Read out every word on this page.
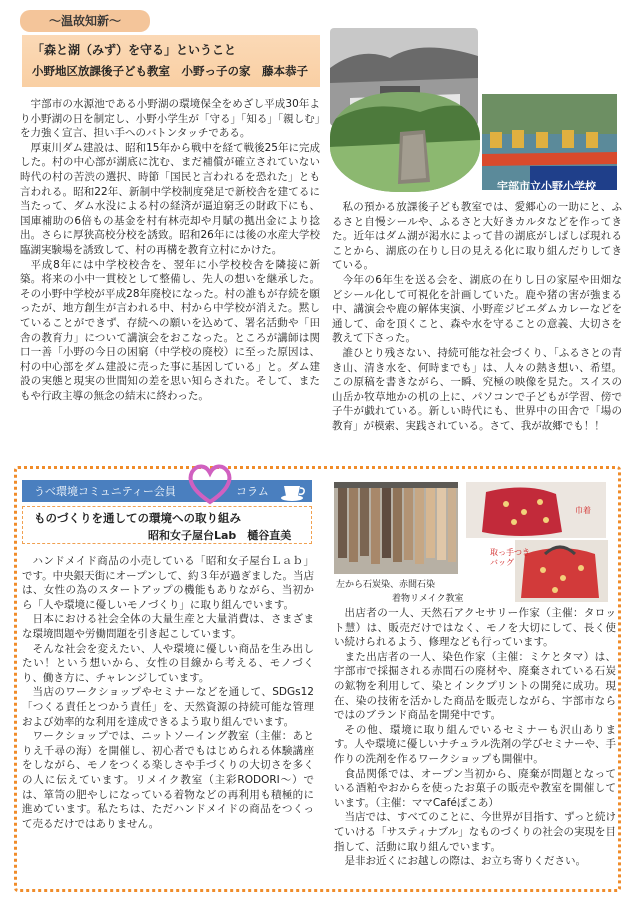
～温故知新～
「森と湖（みず）を守る」ということ
小野地区放課後子ども教室　小野っ子の家　藤本恭子
宇部市立小野小学校

宇部市の水源池である小野湖の環境保全をめざし平成30年より小野湖の日を制定し、小野小学生が「守る」「知る」「親しむ」を力強く宣言、担い手へのバトンタッチである。

厚東川ダム建設は、昭和15年から戦中を経て戦後25年に完成した。村の中心部が湖底に沈む、まだ補償が確立されていない時代の村の苦渋の選択、時節「国民と言われるを恐れた」とも言われる。昭和22年、新制中学校制度発足で新校舎を建てるに当たって、ダム水没による村の経済が逼迫窮乏の財政下にも、国庫補助の6倍もの基金を村有林売却や月賦の拠出金により捻出。さらに厚狭高校分校を誘致。昭和26年には後の水産大学校臨湖実験場を誘致して、村の再構を教育立村にかけた。

平成8年には中学校校舎を、翌年に小学校校舎を隣接に新築。将来の小中一貫校として整備し、先人の想いを継承した。その小野中学校が平成28年廃校になった。村の誰もが存続を願ったが、地方創生が言われる中、村から中学校が消えた。黙していることができず、存続への願いを込めて、署名活動や「田舎の教育力」について講演会をおこなった。ところが講師は関口一善「小野の今日の困窮（中学校の廃校）に至った原因は、村の中心部をダム建設に売った事に基因している」と。ダム建設の実態と現実の世間知の差を思い知らされた。そして、またもや行政主導の無念の結末に終わった。

私の預かる放課後子ども教室では、愛郷心の一助にと、ふるさと自慢シールや、ふるさと大好きカルタなどを作ってきた。近年はダム湖が渇水によって昔の湖底がしばしば現れることから、湖底の在りし日の見える化に取り組んだりしてきている。

今年の6年生を送る会を、湖底の在りし日の家屋や田畑などシール化して可視化を計画していた。鹿や猪の害が強まる中、講演会や鹿の解体実演、小野産ジビエダムカレーなどを通して、命を頂くこと、森や水を守ることの意義、大切さを教えて下さった。

誰ひとり残さない、持続可能な社会づくり、「ふるさとの青き山、清き水を、何時までも」は、人々の熱き想い、希望。この原稿を書きながら、一瞬、究極の映像を見た。スイスの山岳か牧草地かの机の上に、パソコンで子どもが学習、傍で子牛が戯れている。新しい時代にも、世界中の田舎で「場の教育」が模索、実践されている。さて、我が故郷でも！！

うべ環境コミュニティー会員	コラム
ものづくりを通しての環境への取り組み
昭和女子屋台Lab　樋谷直美

ハンドメイド商品の小売している「昭和女子屋台Ｌａｂ」です。中央銀天街にオープンして、約３年が過ぎました。当店は、女性の為のスタートアップの機能もありながら、当初から「人や環境に優しいモノづくり」に取り組んでいます。

日本における社会全体の大量生産と大量消費は、さまざまな環境問題や労働問題を引き起こしています。

そんな社会を変えたい、人や環境に優しい商品を生み出したい！という想いから、女性の目線から考える、モノづくり、働き方に、チャレンジしています。

当店のワークショップやセミナーなどを通して、SDGs12「つくる責任とつかう責任」を、天然資源の持続可能な管理および効率的な利用を達成できるよう取り組んでいます。

ワークショップでは、ニットソーイング教室（主催：あとりえ千尋の海）を開催し、初心者でもはじめられる体験講座をしながら、モノをつくる楽しさや手づくりの大切さを多くの人に伝えています。リメイク教室（主彩RODORI〜）では、箪笥の肥やしになっている着物などの再利用も積極的に進めています。私たちは、ただハンドメイドの商品をつくって売るだけではありません。

左から石炭染、赤間石染
着物リメイク教室
巾着
取っ手つき
バッグ

出店者の一人、天然石アクセサリー作家（主催：タロット慧）は、販売だけではなく、モノを大切にして、長く使い続けられるよう、修理なども行っています。

また出店者の一人、染色作家（主催：ミケとタマ）は、宇部市で採掘される赤間石の廃材や、廃棄されている石炭の鉱物を利用して、染とインクプリントの開発に成功。現在、染の技術を活かした商品を販売しながら、宇部市ならではのブランド商品を開発中です。

その他、環境に取り組んでいるセミナーも沢山あります。人や環境に優しいナチュラル洗剤の学びセミナーや、手作りの洗剤を作るワークショップも開催中。

食品関係では、オープン当初から、廃棄が問題となっている酒粕やおからを使ったお菓子の販売や教室を開催しています。（主催：ママCaféぽこあ）

当店では、すべてのことに、今世界が目指す、ずっと続けていける「サスティナブル」なものづくりの社会の実現を目指して、活動に取り組んでいます。

是非お近くにお越しの際は、お立ち寄りください。
